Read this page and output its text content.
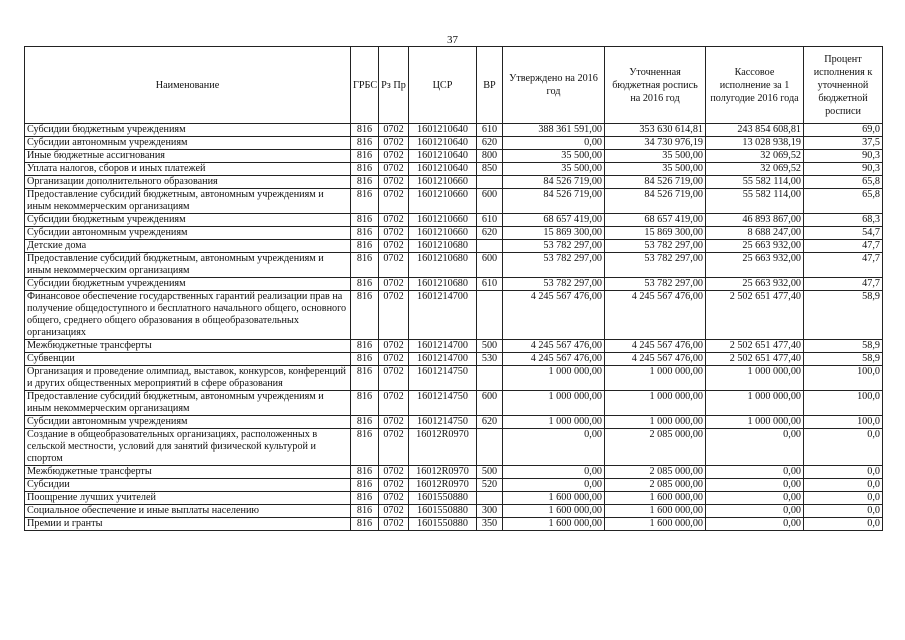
37
Наименование	ГРБС	Рз Пр	ЦСР	ВР	Утверждено на 2016 год	Уточненная бюджетная роспись на 2016 год	Кассовое исполнение за 1 полугодие 2016 года	Процент исполнения к уточненной бюджетной росписи
Субсидии бюджетным учреждениям	816	0702	1601210640	610	388 361 591,00	353 630 614,81	243 854 608,81	69,0
Субсидии автономным учреждениям	816	0702	1601210640	620	0,00	34 730 976,19	13 028 938,19	37,5
Иные бюджетные ассигнования	816	0702	1601210640	800	35 500,00	35 500,00	32 069,52	90,3
Уплата налогов, сборов и иных платежей	816	0702	1601210640	850	35 500,00	35 500,00	32 069,52	90,3
Организации дополнительного образования	816	0702	1601210660		84 526 719,00	84 526 719,00	55 582 114,00	65,8
Предоставление субсидий бюджетным, автономным учреждениям и иным некоммерческим организациям	816	0702	1601210660	600	84 526 719,00	84 526 719,00	55 582 114,00	65,8
Субсидии бюджетным учреждениям	816	0702	1601210660	610	68 657 419,00	68 657 419,00	46 893 867,00	68,3
Субсидии автономным учреждениям	816	0702	1601210660	620	15 869 300,00	15 869 300,00	8 688 247,00	54,7
Детские дома	816	0702	1601210680		53 782 297,00	53 782 297,00	25 663 932,00	47,7
Предоставление субсидий бюджетным, автономным учреждениям и иным некоммерческим организациям	816	0702	1601210680	600	53 782 297,00	53 782 297,00	25 663 932,00	47,7
Субсидии бюджетным учреждениям	816	0702	1601210680	610	53 782 297,00	53 782 297,00	25 663 932,00	47,7
Финансовое обеспечение государственных гарантий реализации прав на получение общедоступного и бесплатного начального общего, основного общего, среднего общего образования в общеобразовательных организациях	816	0702	1601214700		4 245 567 476,00	4 245 567 476,00	2 502 651 477,40	58,9
Межбюджетные трансферты	816	0702	1601214700	500	4 245 567 476,00	4 245 567 476,00	2 502 651 477,40	58,9
Субвенции	816	0702	1601214700	530	4 245 567 476,00	4 245 567 476,00	2 502 651 477,40	58,9
Организация и проведение олимпиад, выставок, конкурсов, конференций и других общественных мероприятий в сфере образования	816	0702	1601214750		1 000 000,00	1 000 000,00	1 000 000,00	100,0
Предоставление субсидий бюджетным, автономным учреждениям и иным некоммерческим организациям	816	0702	1601214750	600	1 000 000,00	1 000 000,00	1 000 000,00	100,0
Субсидии автономным учреждениям	816	0702	1601214750	620	1 000 000,00	1 000 000,00	1 000 000,00	100,0
Создание в общеобразовательных организациях, расположенных в сельской местности, условий для занятий физической культурой и спортом	816	0702	16012R0970		0,00	2 085 000,00	0,00	0,0
Межбюджетные трансферты	816	0702	16012R0970	500	0,00	2 085 000,00	0,00	0,0
Субсидии	816	0702	16012R0970	520	0,00	2 085 000,00	0,00	0,0
Поощрение лучших учителей	816	0702	1601550880		1 600 000,00	1 600 000,00	0,00	0,0
Социальное обеспечение и иные выплаты населению	816	0702	1601550880	300	1 600 000,00	1 600 000,00	0,00	0,0
Премии и гранты	816	0702	1601550880	350	1 600 000,00	1 600 000,00	0,00	0,0
